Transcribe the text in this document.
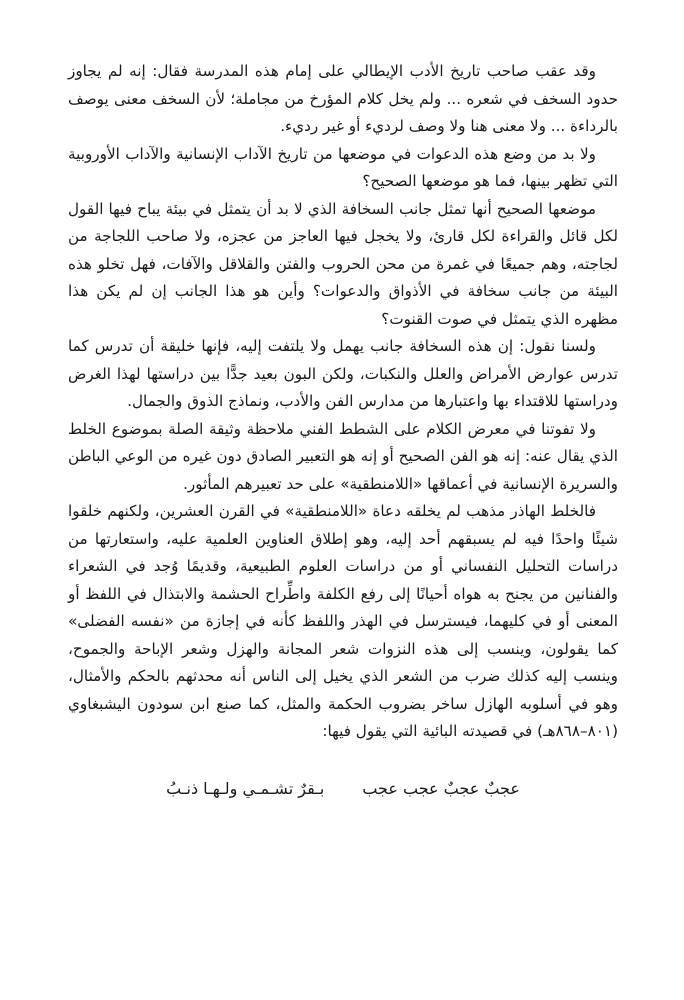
وقد عقب صاحب تاريخ الأدب الإيطالي على إمام هذه المدرسة فقال: إنه لم يجاوز حدود السخف في شعره ... ولم يخل كلام المؤرخ من مجاملة؛ لأن السخف معنى يوصف بالرداءة ... ولا معنى هنا ولا وصف لرديء أو غير رديء.

ولا بد من وضع هذه الدعوات في موضعها من تاريخ الآداب الإنسانية والآداب الأوروبية التي تظهر بينها، فما هو موضعها الصحيح؟

موضعها الصحيح أنها تمثل جانب السخافة الذي لا بد أن يتمثل في بيئة يباح فيها القول لكل قائل والقراءة لكل قارئ، ولا يخجل فيها العاجز من عجزه، ولا صاحب اللجاجة من لجاجته، وهم جميعًا في غمرة من محن الحروب والفتن والقلاقل والآفات، فهل تخلو هذه البيئة من جانب سخافة في الأذواق والدعوات؟ وأين هو هذا الجانب إن لم يكن هذا مظهره الذي يتمثل في صوت القنوت؟

ولسنا نقول: إن هذه السخافة جانب يهمل ولا يلتفت إليه، فإنها خليقة أن تدرس كما تدرس عوارض الأمراض والعلل والنكبات، ولكن البون بعيد جدًّا بين دراستها لهذا الغرض ودراستها للاقتداء بها واعتبارها من مدارس الفن والأدب، ونماذج الذوق والجمال.

ولا تفوتنا في معرض الكلام على الشطط الفني ملاحظة وثيقة الصلة بموضوع الخلط الذي يقال عنه: إنه هو الفن الصحيح أو إنه هو التعبير الصادق دون غيره من الوعي الباطن والسريرة الإنسانية في أعماقها «اللامنطقية» على حد تعبيرهم المأثور.

فالخلط الهاذر مذهب لم يخلقه دعاة «اللامنطقية» في القرن العشرين، ولكنهم خلقوا شيئًا واحدًا فيه لم يسبقهم أحد إليه، وهو إطلاق العناوين العلمية عليه، واستعارتها من دراسات التحليل النفساني أو من دراسات العلوم الطبيعية، وقديمًا وُجد في الشعراء والفنانين من يجنح به هواه أحيانًا إلى رفع الكلفة واطِّراح الحشمة والابتذال في اللفظ أو المعنى أو في كليهما، فيسترسل في الهذر واللفظ كأنه في إجازة من «نفسه الفضلى» كما يقولون، وينسب إلى هذه النزوات شعر المجانة والهزل وشعر الإباحة والجموح، وينسب إليه كذلك ضرب من الشعر الذي يخيل إلى الناس أنه محدثهم بالحكم والأمثال، وهو في أسلوبه الهازل ساخر بضروب الحكمة والمثل، كما صنع ابن سودون اليشبغاوي (٨٠١–٨٦٨هـ) في قصيدته البائية التي يقول فيها:

عجبٌ عجبٌ عجب عجب
بـقرٌ تشـمـي ولـهـا ذنـبُ
